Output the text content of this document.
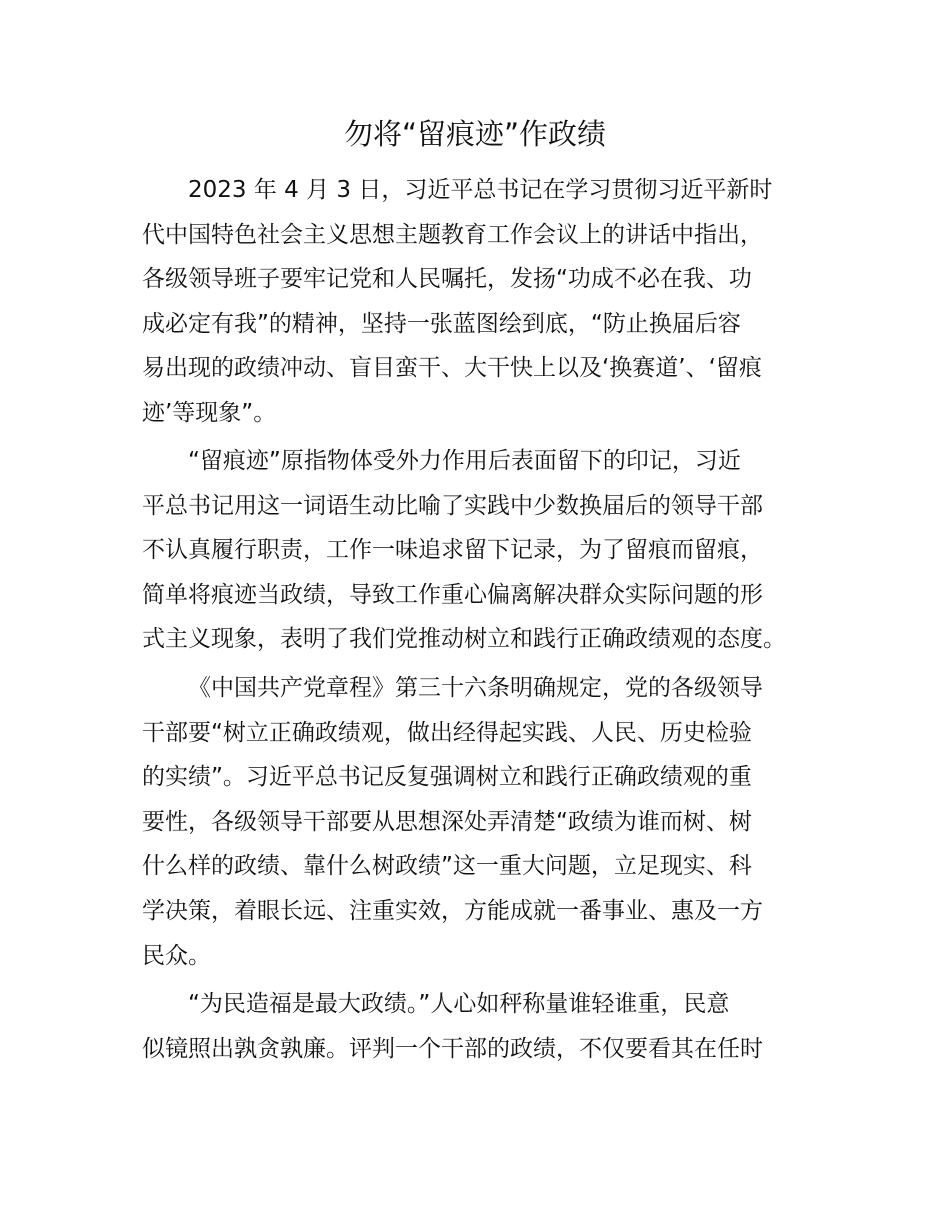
勿将“留痕迹”作政绩
2023 年 4 月 3 日，习近平总书记在学习贯彻习近平新时
代中国特色社会主义思想主题教育工作会议上的讲话中指出，
各级领导班子要牢记党和人民嘱托，发扬“功成不必在我、功
成必定有我”的精神，坚持一张蓝图绘到底，“防止换届后容
易出现的政绩冲动、盲目蛮干、大干快上以及‘换赛道’、‘留痕
迹’等现象”。
“留痕迹”原指物体受外力作用后表面留下的印记，习近
平总书记用这一词语生动比喻了实践中少数换届后的领导干部
不认真履行职责，工作一味追求留下记录，为了留痕而留痕，
简单将痕迹当政绩，导致工作重心偏离解决群众实际问题的形
式主义现象，表明了我们党推动树立和践行正确政绩观的态度。
《中国共产党章程》第三十六条明确规定，党的各级领导
干部要“树立正确政绩观，做出经得起实践、人民、历史检验
的实绩”。习近平总书记反复强调树立和践行正确政绩观的重
要性，各级领导干部要从思想深处弄清楚“政绩为谁而树、树
什么样的政绩、靠什么树政绩”这一重大问题，立足现实、科
学决策，着眼长远、注重实效，方能成就一番事业、惠及一方
民众。
“为民造福是最大政绩。”人心如秤称量谁轻谁重，民意
似镜照出孰贪孰廉。评判一个干部的政绩，不仅要看其在任时
